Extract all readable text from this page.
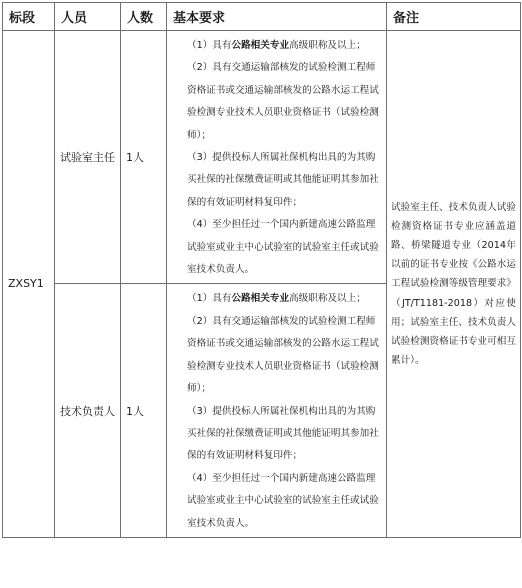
标段	人员	人数	基本要求	备注
ZXSY1	试验室主任	1人	（1）具有公路相关专业高级职称及以上；
（2）具有交通运输部核发的试验检测工程师资格证书或交通运输部核发的公路水运工程试验检测专业技术人员职业资格证书（试验检测师）；
（3）提供投标人所属社保机构出具的为其购买社保的社保缴费证明或其他能证明其参加社保的有效证明材料复印件；
（4）至少担任过一个国内新建高速公路监理试验室或业主中心试验室的试验室主任或试验室技术负责人。	试验室主任、技术负责人试验检测资格证书专业应涵盖道路、桥梁隧道专业（2014年以前的证书专业按《公路水运工程试验检测等级管理要求》（JT/T1181-2018）对应使用；试验室主任、技术负责人试验检测资格证书专业可相互累计）。
	技术负责人	1人	（1）具有公路相关专业高级职称及以上；
（2）具有交通运输部核发的试验检测工程师资格证书或交通运输部核发的公路水运工程试验检测专业技术人员职业资格证书（试验检测师）；
（3）提供投标人所属社保机构出具的为其购买社保的社保缴费证明或其他能证明其参加社保的有效证明材料复印件；
（4）至少担任过一个国内新建高速公路监理试验室或业主中心试验室的试验室主任或试验室技术负责人。	
